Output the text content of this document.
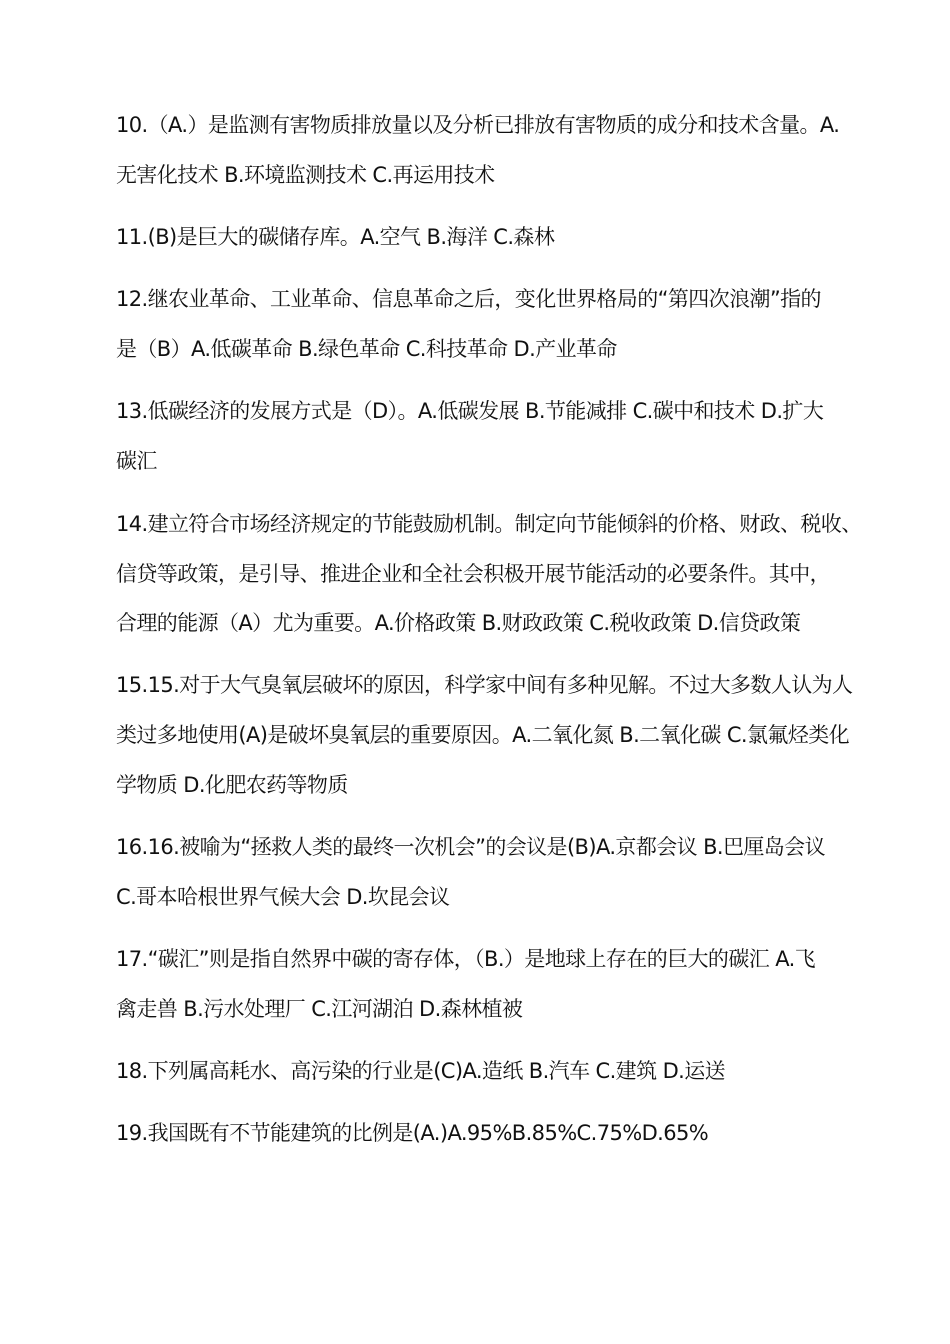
10.（A.）是监测有害物质排放量以及分析已排放有害物质的成分和技术含量。A.
无害化技术 B.环境监测技术 C.再运用技术
11.(B)是巨大的碳储存库。A.空气 B.海洋 C.森林
12.继农业革命、工业革命、信息革命之后，变化世界格局的“第四次浪潮”指的
是（B）A.低碳革命 B.绿色革命 C.科技革命 D.产业革命
13.低碳经济的发展方式是（D）。A.低碳发展 B.节能减排 C.碳中和技术 D.扩大
碳汇
14.建立符合市场经济规定的节能鼓励机制。制定向节能倾斜的价格、财政、税收、
信贷等政策，是引导、推进企业和全社会积极开展节能活动的必要条件。其中，
合理的能源（A）尤为重要。A.价格政策 B.财政政策 C.税收政策 D.信贷政策
15.15.对于大气臭氧层破坏的原因，科学家中间有多种见解。不过大多数人认为人
类过多地使用(A)是破坏臭氧层的重要原因。A.二氧化氮 B.二氧化碳 C.氯氟烃类化
学物质 D.化肥农药等物质
16.16.被喻为“拯救人类的最终一次机会”的会议是(B)A.京都会议 B.巴厘岛会议
C.哥本哈根世界气候大会 D.坎昆会议
17.“碳汇”则是指自然界中碳的寄存体，（B.）是地球上存在的巨大的碳汇 A.飞
禽走兽 B.污水处理厂 C.江河湖泊 D.森林植被
18.下列属高耗水、高污染的行业是(C)A.造纸 B.汽车 C.建筑 D.运送
19.我国既有不节能建筑的比例是(A.)A.95%B.85%C.75%D.65%
